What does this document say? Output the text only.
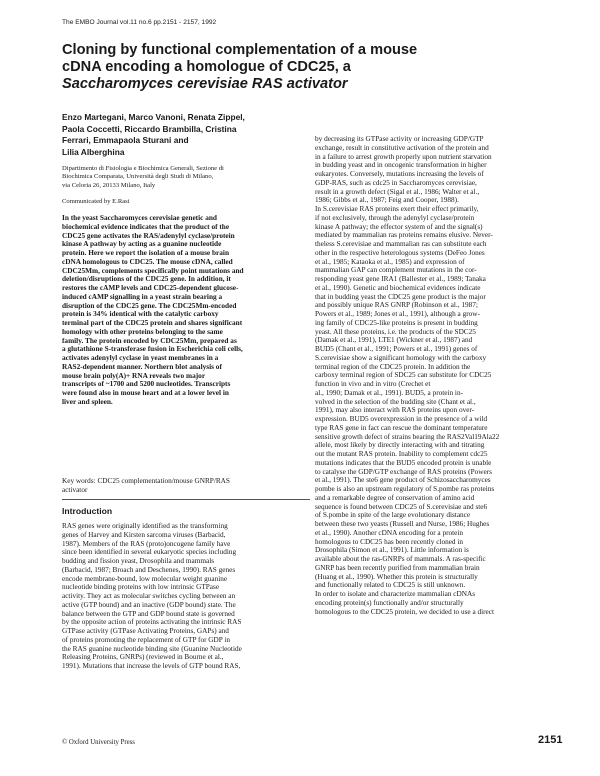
The EMBO Journal vol.11 no.6 pp.2151 - 2157, 1992
Cloning by functional complementation of a mouse
cDNA encoding a homologue of CDC25, a
Saccharomyces cerevisiae RAS activator
Enzo Martegani, Marco Vanoni, Renata Zippel,
Paola Coccetti, Riccardo Brambilla, Cristina
Ferrari, Emmapaola Sturani and
Lilia Alberghina
Dipartimento di Fisiologia e Biochimica Generali, Sezione di
Biochimica Comparata, Università degli Studi di Milano,
via Celoria 26, 20133 Milano, Italy
Communicated by E.Rasi
In the yeast Saccharomyces cerevisiae genetic and
biochemical evidence indicates that the product of the
CDC25 gene activates the RAS/adenylyl cyclase/protein
kinase A pathway by acting as a guanine nucleotide
protein. Here we report the isolation of a mouse brain
cDNA homologous to CDC25. The mouse cDNA, called
CDC25Mm, complements specifically point mutations and
deletion/disruptions of the CDC25 gene. In addition, it
restores the cAMP levels and CDC25-dependent glucose-
induced cAMP signalling in a yeast strain bearing a
disruption of the CDC25 gene. The CDC25Mm-encoded
protein is 34% identical with the catalytic carboxy
terminal part of the CDC25 protein and shares significant
homology with other proteins belonging to the same
family. The protein encoded by CDC25Mm, prepared as
a glutathione S-transferase fusion in Escherichia coli cells,
activates adenylyl cyclase in yeast membranes in a
RAS2-dependent manner. Northern blot analysis of
mouse brain poly(A)+ RNA reveals two major
transcripts of ~1700 and 5200 nucleotides. Transcripts
were found also in mouse heart and at a lower level in
liver and spleen.
Key words: CDC25 complementation/mouse GNRP/RAS
activator
Introduction
RAS genes were originally identified as the transforming
genes of Harvey and Kirsten sarcoma viruses (Barbacid,
1987). Members of the RAS (proto)oncogene family have
since been identified in several eukaryotic species including
budding and fission yeast, Drosophila and mammals
(Barbacid, 1987; Broach and Deschenes, 1990). RAS genes
encode membrane-bound, low molecular weight guanine
nucleotide binding proteins with low intrinsic GTPase
activity. They act as molecular switches cycling between an
active (GTP bound) and an inactive (GDP bound) state. The
balance between the GTP and GDP bound state is governed
by the opposite action of proteins activating the intrinsic RAS
GTPase activity (GTPase Activating Proteins, GAPs) and
of proteins promoting the replacement of GTP for GDP in
the RAS guanine nucleotide binding site (Guanine Nucleotide
Releasing Proteins, GNRPs) (reviewed in Bourne et al.,
1991). Mutations that increase the levels of GTP bound RAS,
by decreasing its GTPase activity or increasing GDP/GTP
exchange, result in constitutive activation of the protein and
in a failure to arrest growth properly upon nutrient starvation
in budding yeast and in oncogenic transformation in higher
eukaryotes. Conversely, mutations increasing the levels of
GDP-RAS, such as cdc25 in Saccharomyces cerevisiae,
result in a growth defect (Sigal et al., 1986; Walter et al.,
1986; Gibbs et al., 1987; Feig and Cooper, 1988).
In S.cerevisiae RAS proteins exert their effect primarily,
if not exclusively, through the adenylyl cyclase/protein
kinase A pathway; the effector system of and the signal(s)
mediated by mammalian ras proteins remains elusive. Never-
theless S.cerevisiae and mammalian ras can substitute each
other in the respective heterologous systems (DeFeo Jones
et al., 1985; Kataoka et al., 1985) and expression of
mammalian GAP can complement mutations in the cor-
responding yeast gene IRA1 (Ballester et al., 1989; Tanaka
et al., 1990). Genetic and biochemical evidences indicate
that in budding yeast the CDC25 gene product is the major
and possibly unique RAS GNRP (Robinson et al., 1987;
Powers et al., 1989; Jones et al., 1991), although a grow-
ing family of CDC25-like proteins is present in budding
yeast. All these proteins, i.e. the products of the SDC25
(Damak et al., 1991), LTE1 (Wickner et al., 1987) and
BUD5 (Chant et al., 1991; Powers et al., 1991) genes of
S.cerevisiae show a significant homology with the carboxy
terminal region of the CDC25 protein. In addition the
carboxy terminal region of SDC25 can substitute for CDC25
function in vivo and in vitro (Crechet et
al., 1990; Damak et al., 1991). BUD5, a protein in-
volved in the selection of the budding site (Chant et al.,
1991), may also interact with RAS proteins upon over-
expression. BUD5 overexpression in the presence of a wild
type RAS gene in fact can rescue the dominant temperature
sensitive growth defect of strains bearing the RAS2Val19Ala22
allele, most likely by directly interacting with and titrating
out the mutant RAS protein. Inability to complement cdc25
mutations indicates that the BUD5 encoded protein is unable
to catalyse the GDP/GTP exchange of RAS proteins (Powers
et al., 1991). The ste6 gene product of Schizosaccharomyces
pombe is also an upstream regulatory of S.pombe ras proteins
and a remarkable degree of conservation of amino acid
sequence is found between CDC25 of S.cerevisiae and ste6
of S.pombe in spite of the large evolutionary distance
between these two yeasts (Russell and Nurse, 1986; Hughes
et al., 1990). Another cDNA encoding for a protein
homologous to CDC25 has been recently cloned in
Drosophila (Simon et al., 1991). Little information is
available about the ras-GNRPs of mammals. A ras-specific
GNRP has been recently purified from mammalian brain
(Huang et al., 1990). Whether this protein is structurally
and functionally related to CDC25 is still unknown.
In order to isolate and characterize mammalian cDNAs
encoding protein(s) functionally and/or structurally
homologous to the CDC25 protein, we decided to use a direct
© Oxford University Press	2151
